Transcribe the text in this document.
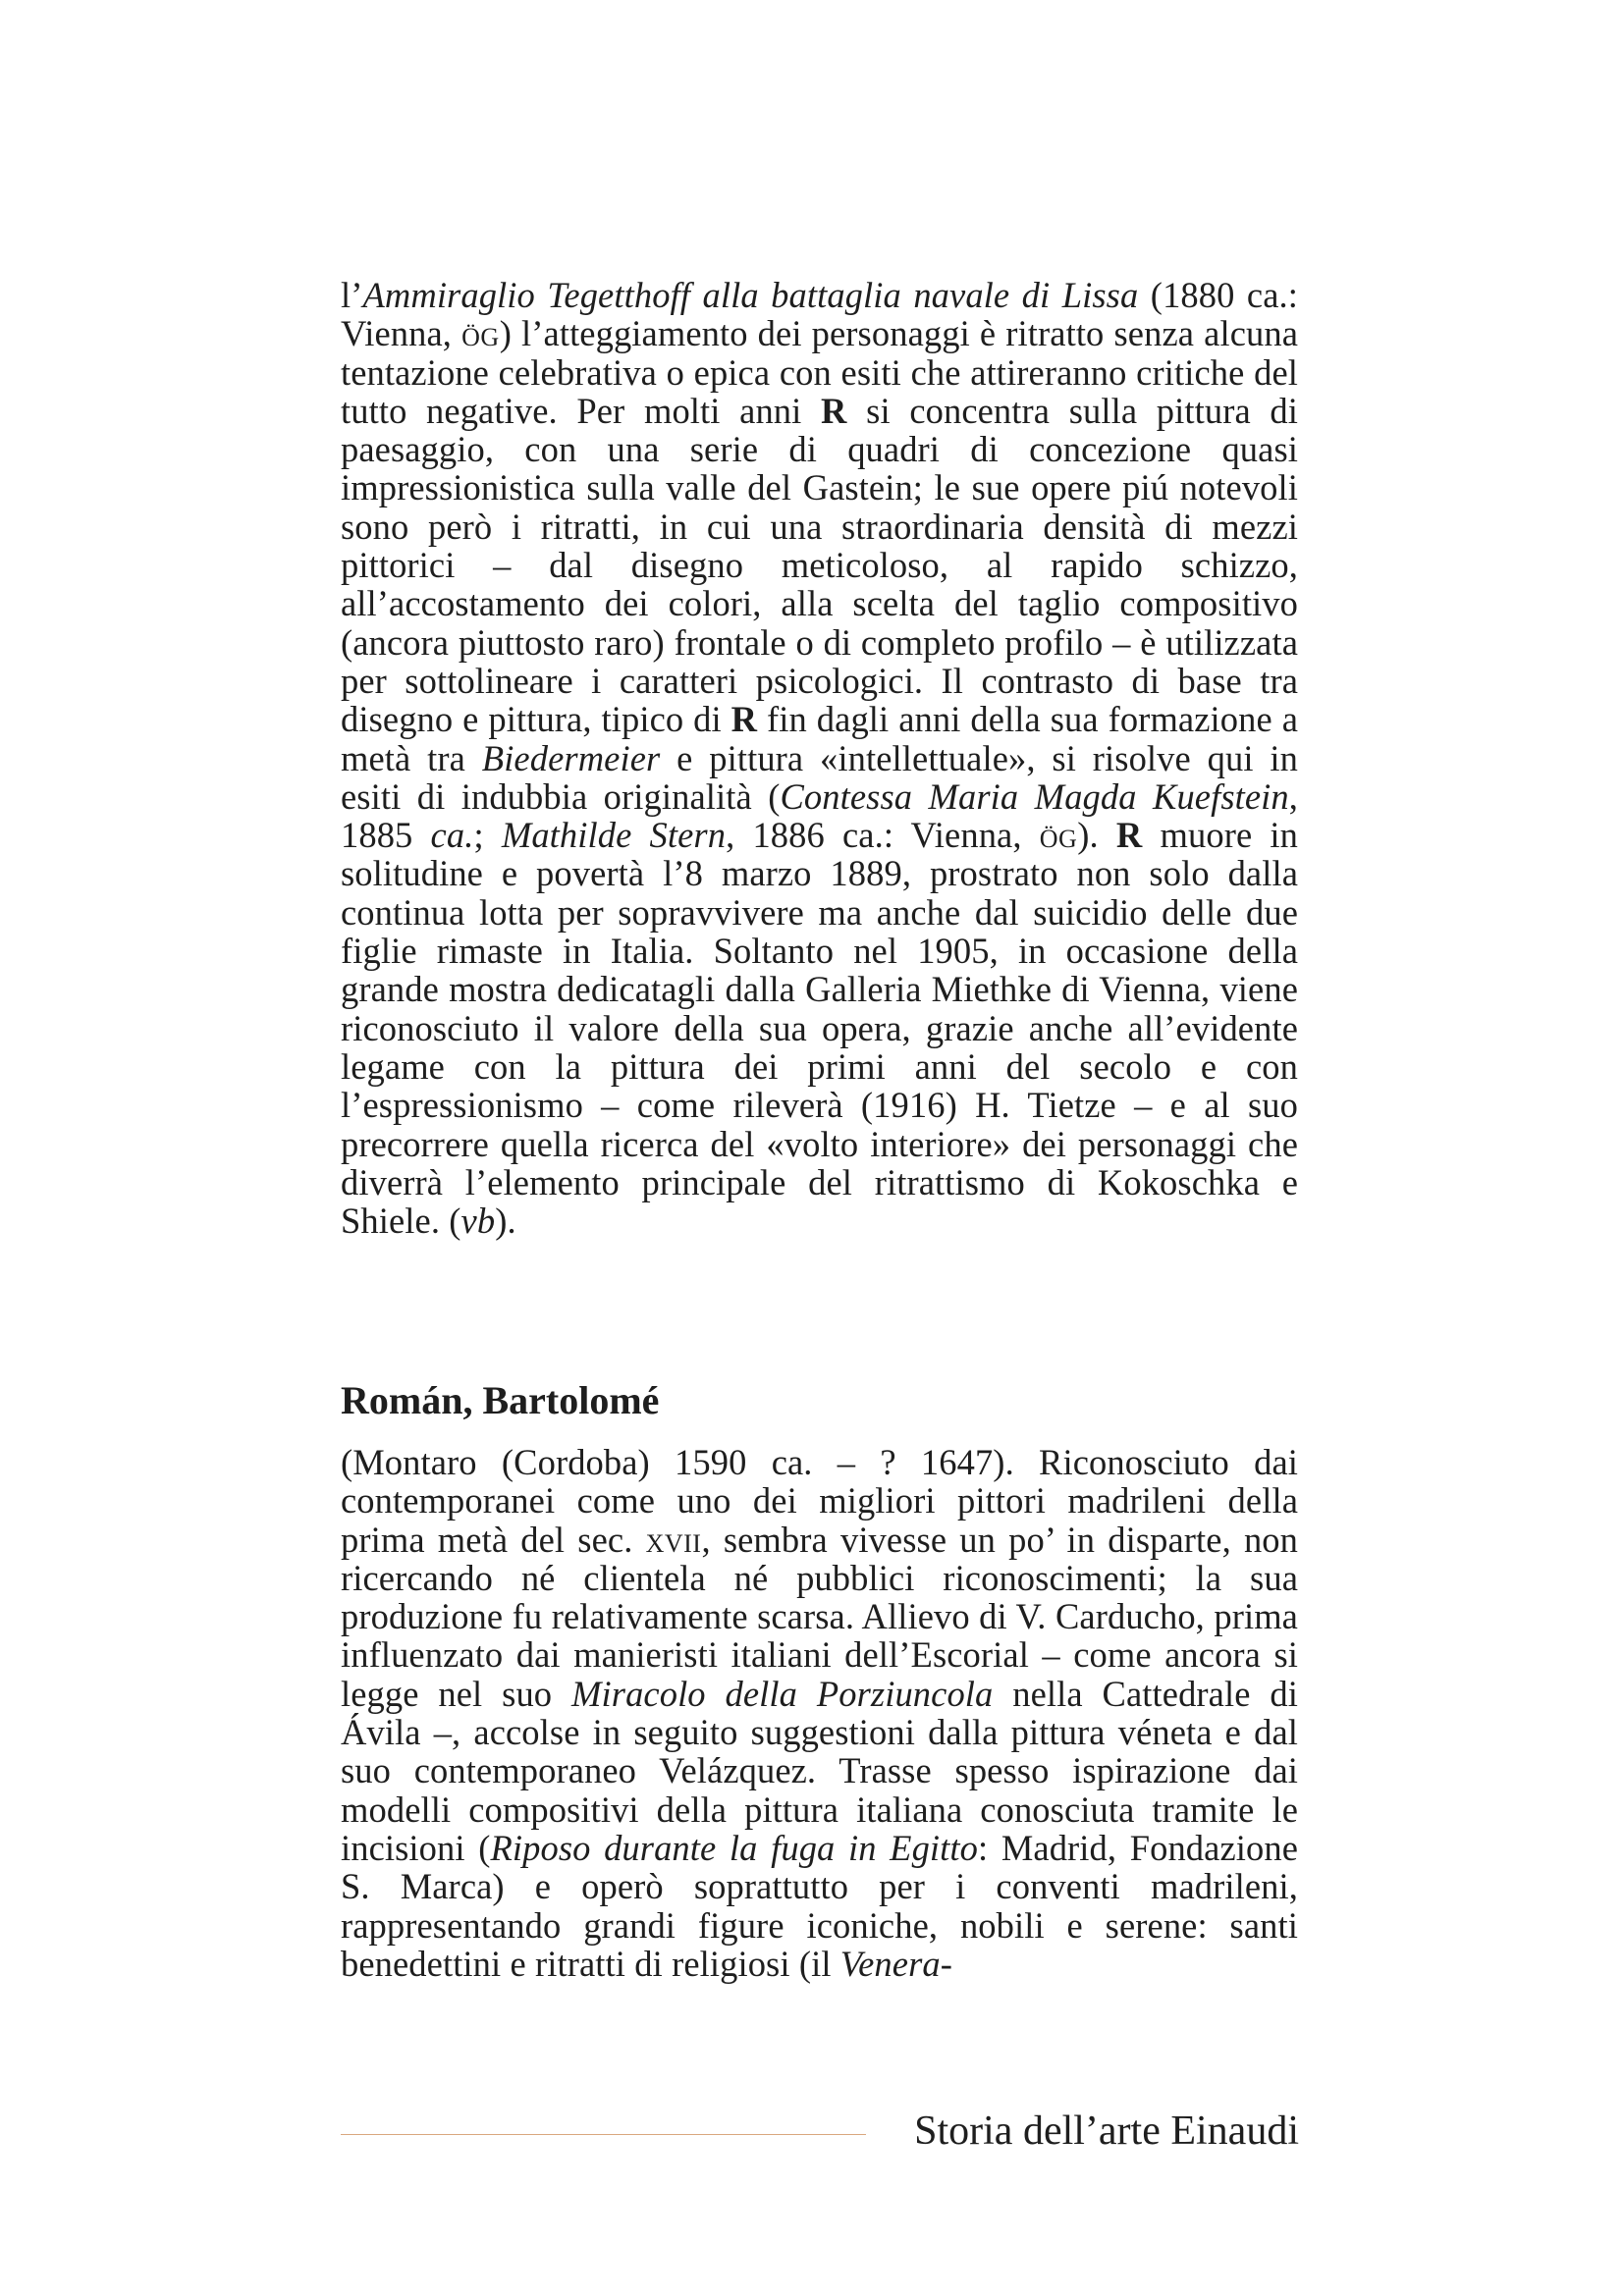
l’Ammiraglio Tegetthoff alla battaglia navale di Lissa (1880 ca.: Vienna, ög) l’atteggiamento dei personaggi è ritratto senza alcuna tentazione celebrativa o epica con esiti che attireranno critiche del tutto negative. Per molti anni R si concentra sulla pittura di paesaggio, con una serie di quadri di concezione quasi impressionistica sulla valle del Gastein; le sue opere piú notevoli sono però i ritratti, in cui una straordinaria densità di mezzi pittorici – dal disegno meticoloso, al rapido schizzo, all’accostamento dei colori, alla scelta del taglio compositivo (ancora piuttosto raro) frontale o di completo profilo – è utilizzata per sottolineare i caratteri psicologici. Il contrasto di base tra disegno e pittura, tipico di R fin dagli anni della sua formazione a metà tra Biedermeier e pittura «intellettuale», si risolve qui in esiti di indubbia originalità (Contessa Maria Magda Kuefstein, 1885 ca.; Mathilde Stern, 1886 ca.: Vienna, ög). R muore in solitudine e povertà l’8 marzo 1889, prostrato non solo dalla continua lotta per sopravvivere ma anche dal suicidio delle due figlie rimaste in Italia. Soltanto nel 1905, in occasione della grande mostra dedicatagli dalla Galleria Miethke di Vienna, viene riconosciuto il valore della sua opera, grazie anche all’evidente legame con la pittura dei primi anni del secolo e con l’espressionismo – come rileverà (1916) H. Tietze – e al suo precorrere quella ricerca del «volto interiore» dei personaggi che diverrà l’elemento principale del ritrattismo di Kokoschka e Shiele. (vb).

Román, Bartolomé

(Montaro (Cordoba) 1590 ca. – ? 1647). Riconosciuto dai contemporanei come uno dei migliori pittori madrileni della prima metà del sec. xvii, sembra vivesse un po’ in disparte, non ricercando né clientela né pubblici riconoscimenti; la sua produzione fu relativamente scarsa. Allievo di V. Carducho, prima influenzato dai manieristi italiani dell’Escorial – come ancora si legge nel suo Miracolo della Porziuncola nella Cattedrale di Ávila –, accolse in seguito suggestioni dalla pittura véneta e dal suo contemporaneo Velázquez. Trasse spesso ispirazione dai modelli compositivi della pittura italiana conosciuta tramite le incisioni (Riposo durante la fuga in Egitto: Madrid, Fondazione S. Marca) e operò soprattutto per i conventi madrileni, rappresentando grandi figure iconiche, nobili e serene: santi benedettini e ritratti di religiosi (il Venera-

Storia dell’arte Einaudi
